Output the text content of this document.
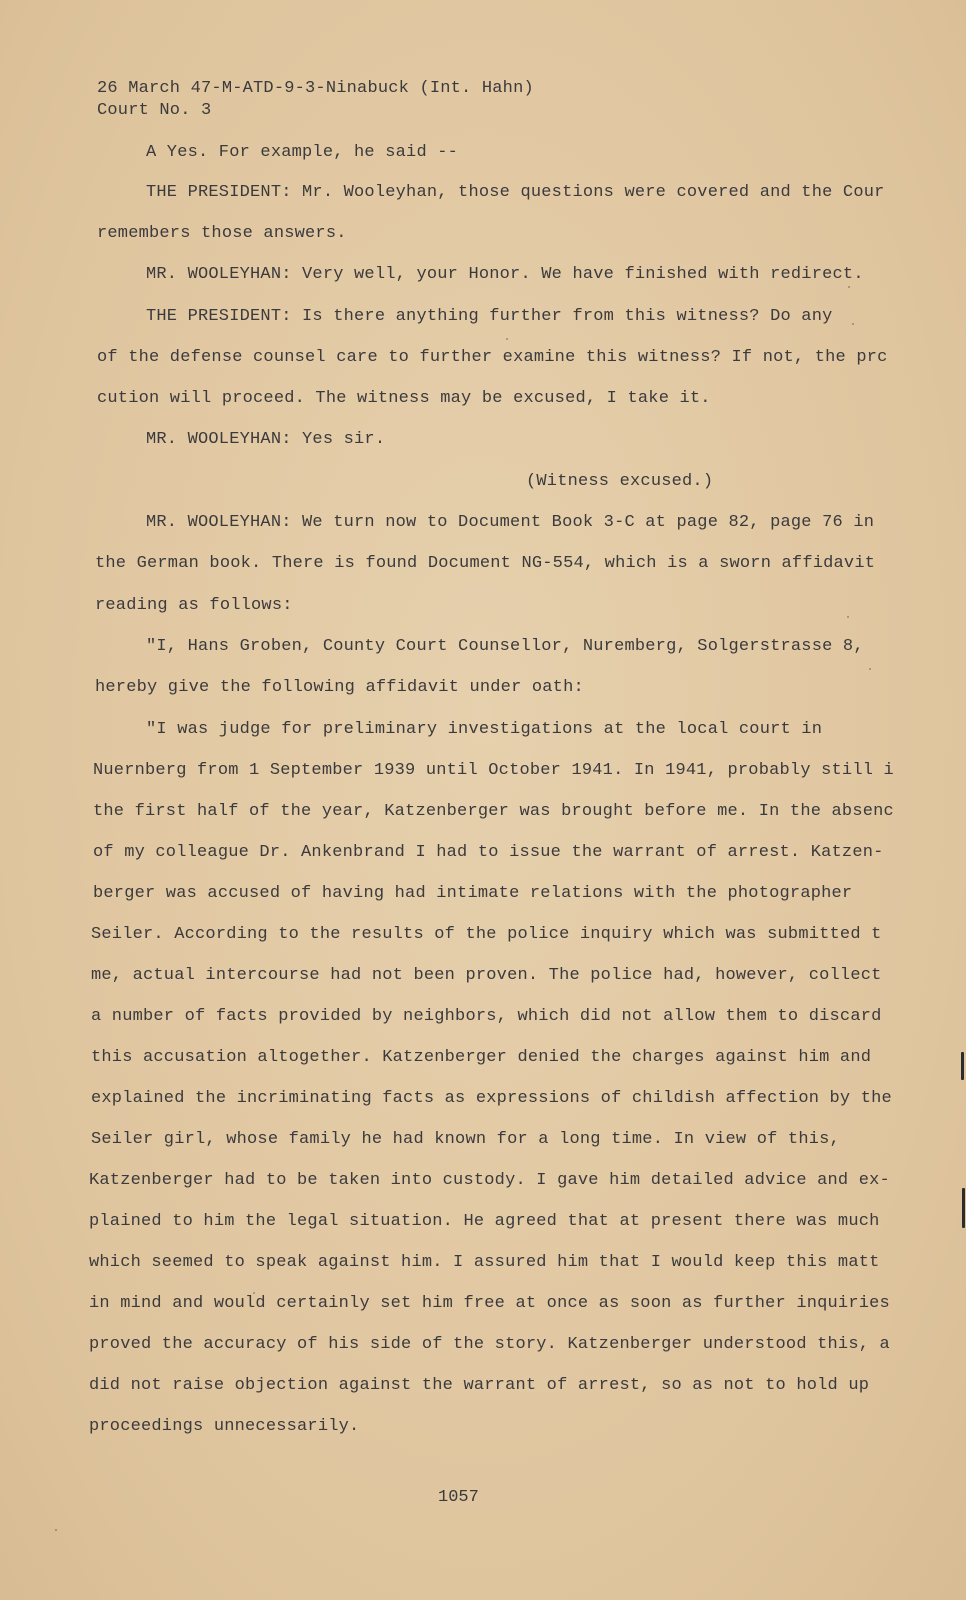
26 March 47-M-ATD-9-3-Ninabuck (Int. Hahn)
Court No. 3
A Yes. For example, he said --
THE PRESIDENT: Mr. Wooleyhan, those questions were covered and the Cour
remembers those answers.
MR. WOOLEYHAN: Very well, your Honor. We have finished with redirect.
THE PRESIDENT: Is there anything further from this witness? Do any
of the defense counsel care to further examine this witness? If not, the prc
cution will proceed. The witness may be excused, I take it.
MR. WOOLEYHAN: Yes sir.
(Witness excused.)
MR. WOOLEYHAN: We turn now to Document Book 3-C at page 82, page 76 in
the German book. There is found Document NG-554, which is a sworn affidavit
reading as follows:
"I, Hans Groben, County Court Counsellor, Nuremberg, Solgerstrasse 8,
hereby give the following affidavit under oath:
"I was judge for preliminary investigations at the local court in
Nuernberg from 1 September 1939 until October 1941. In 1941, probably still i
the first half of the year, Katzenberger was brought before me. In the absenc
of my colleague Dr. Ankenbrand I had to issue the warrant of arrest. Katzen-
berger was accused of having had intimate relations with the photographer
Seiler. According to the results of the police inquiry which was submitted t
me, actual intercourse had not been proven. The police had, however, collect
a number of facts provided by neighbors, which did not allow them to discard
this accusation altogether. Katzenberger denied the charges against him and
explained the incriminating facts as expressions of childish affection by the
Seiler girl, whose family he had known for a long time. In view of this,
Katzenberger had to be taken into custody. I gave him detailed advice and ex-
plained to him the legal situation. He agreed that at present there was much
which seemed to speak against him. I assured him that I would keep this matt
in mind and would certainly set him free at once as soon as further inquiries
proved the accuracy of his side of the story. Katzenberger understood this, a
did not raise objection against the warrant of arrest, so as not to hold up
proceedings unnecessarily.
1057
